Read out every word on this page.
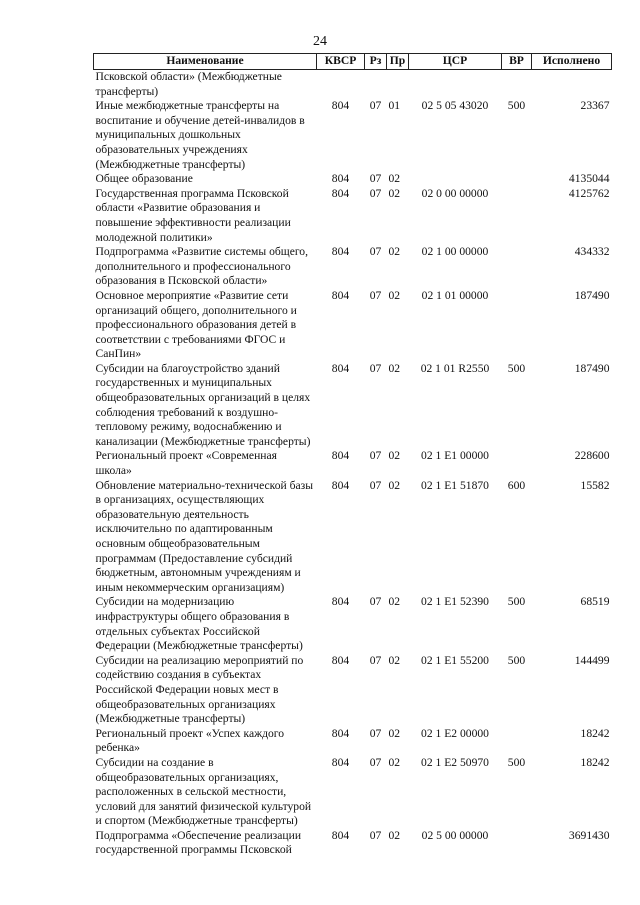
24
Наименование	КВСР	Рз	Пр	ЦСР	ВР	Исполнено
Псковской области» (Межбюджетные трансферты)						
Иные межбюджетные трансферты на воспитание и обучение детей-инвалидов в муниципальных дошкольных образовательных учреждениях (Межбюджетные трансферты)	804	07	01	02 5 05 43020	500	23367
Общее образование	804	07	02			4135044
Государственная программа Псковской области «Развитие образования и повышение эффективности реализации молодежной политики»	804	07	02	02 0 00 00000		4125762
Подпрограмма «Развитие системы общего, дополнительного и профессионального образования в Псковской области»	804	07	02	02 1 00 00000		434332
Основное мероприятие «Развитие сети организаций общего, дополнительного и профессионального образования детей в соответствии с требованиями ФГОС и СанПин»	804	07	02	02 1 01 00000		187490
Субсидии на благоустройство зданий государственных и муниципальных общеобразовательных организаций в целях соблюдения требований к воздушно-тепловому режиму, водоснабжению и канализации (Межбюджетные трансферты)	804	07	02	02 1 01 R2550	500	187490
Региональный проект «Современная школа»	804	07	02	02 1 E1 00000		228600
Обновление материально-технической базы в организациях, осуществляющих образовательную деятельность исключительно по адаптированным основным общеобразовательным программам (Предоставление субсидий бюджетным, автономным учреждениям и иным некоммерческим организациям)	804	07	02	02 1 E1 51870	600	15582
Субсидии на модернизацию инфраструктуры общего образования в отдельных субъектах Российской Федерации (Межбюджетные трансферты)	804	07	02	02 1 E1 52390	500	68519
Субсидии на реализацию мероприятий по содействию создания в субъектах Российской Федерации новых мест в общеобразовательных организациях (Межбюджетные трансферты)	804	07	02	02 1 E1 55200	500	144499
Региональный проект «Успех каждого ребенка»	804	07	02	02 1 E2 00000		18242
Субсидии на создание в общеобразовательных организациях, расположенных в сельской местности, условий для занятий физической культурой и спортом (Межбюджетные трансферты)	804	07	02	02 1 E2 50970	500	18242
Подпрограмма «Обеспечение реализации государственной программы Псковской	804	07	02	02 5 00 00000		3691430
